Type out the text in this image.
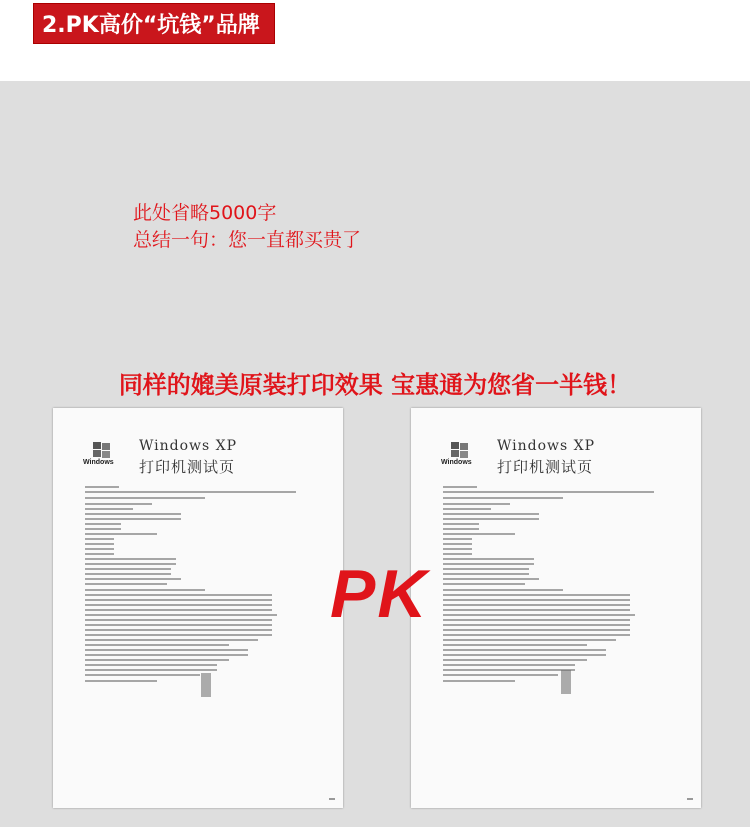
2.PK高价“坑钱”品牌
此处省略5000字
总结一句：您一直都买贵了
同样的媲美原装打印效果 宝惠通为您省一半钱！
Windows
Windows XP
打印机测试页	Windows
Windows XP
打印机测试页
PK
